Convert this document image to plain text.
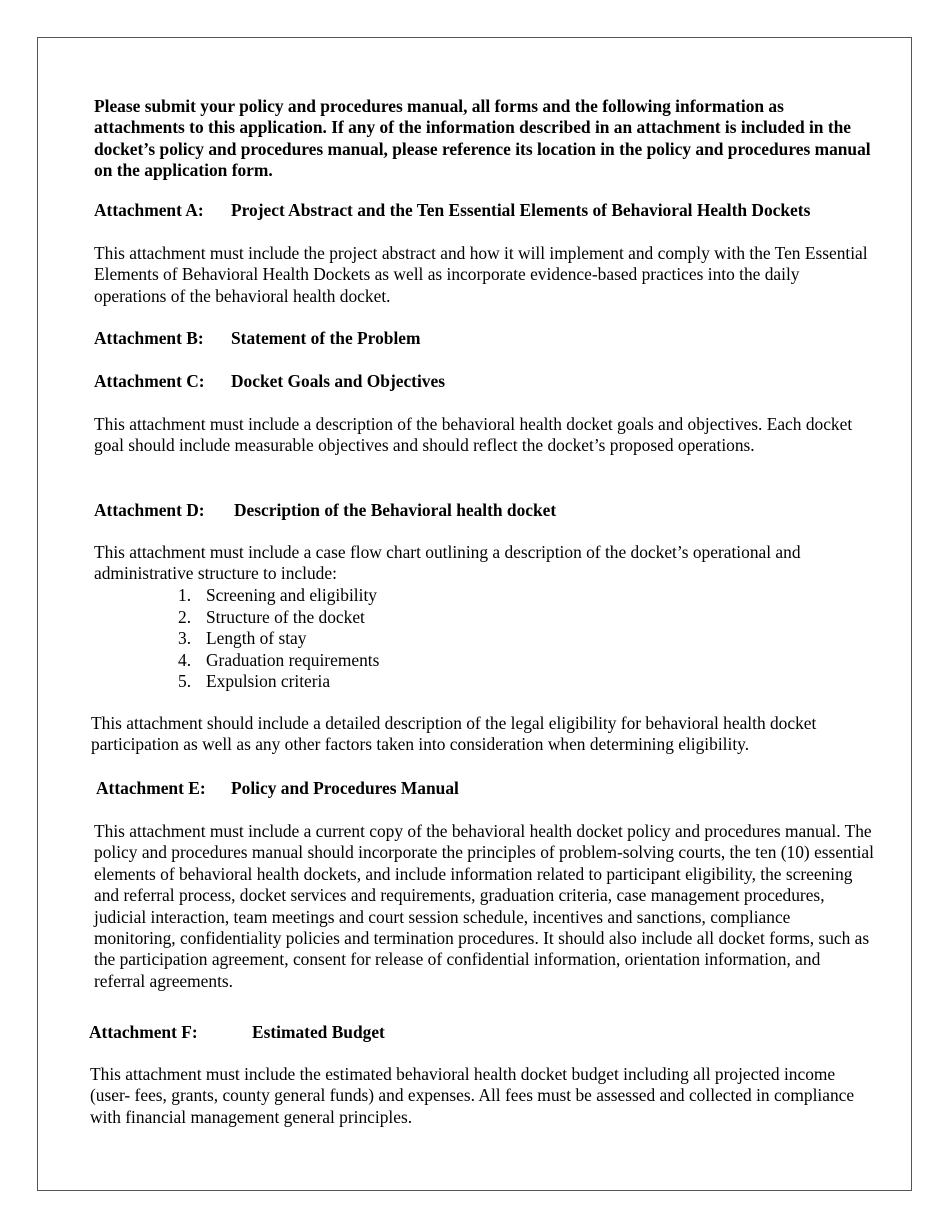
Please submit your policy and procedures manual, all forms and the following information as attachments to this application. If any of the information described in an attachment is included in the docket’s policy and procedures manual, please reference its location in the policy and procedures manual on the application form.

Attachment A: Project Abstract and the Ten Essential Elements of Behavioral Health Dockets

This attachment must include the project abstract and how it will implement and comply with the Ten Essential Elements of Behavioral Health Dockets as well as incorporate evidence-based practices into the daily operations of the behavioral health docket.

Attachment B: Statement of the Problem
Attachment C: Docket Goals and Objectives

This attachment must include a description of the behavioral health docket goals and objectives. Each docket goal should include measurable objectives and should reflect the docket’s proposed operations.

Attachment D: Description of the Behavioral health docket

This attachment must include a case flow chart outlining a description of the docket’s operational and administrative structure to include:

1. Screening and eligibility
2. Structure of the docket
3. Length of stay
4. Graduation requirements
5. Expulsion criteria

This attachment should include a detailed description of the legal eligibility for behavioral health docket participation as well as any other factors taken into consideration when determining eligibility.

Attachment E: Policy and Procedures Manual

This attachment must include a current copy of the behavioral health docket policy and procedures manual. The policy and procedures manual should incorporate the principles of problem-solving courts, the ten (10) essential elements of behavioral health dockets, and include information related to participant eligibility, the screening and referral process, docket services and requirements, graduation criteria, case management procedures, judicial interaction, team meetings and court session schedule, incentives and sanctions, compliance monitoring, confidentiality policies and termination procedures. It should also include all docket forms, such as the participation agreement, consent for release of confidential information, orientation information, and referral agreements.

Attachment F:	Estimated Budget

This attachment must include the estimated behavioral health docket budget including all projected income (user- fees, grants, county general funds) and expenses. All fees must be assessed and collected in compliance with financial management general principles.
